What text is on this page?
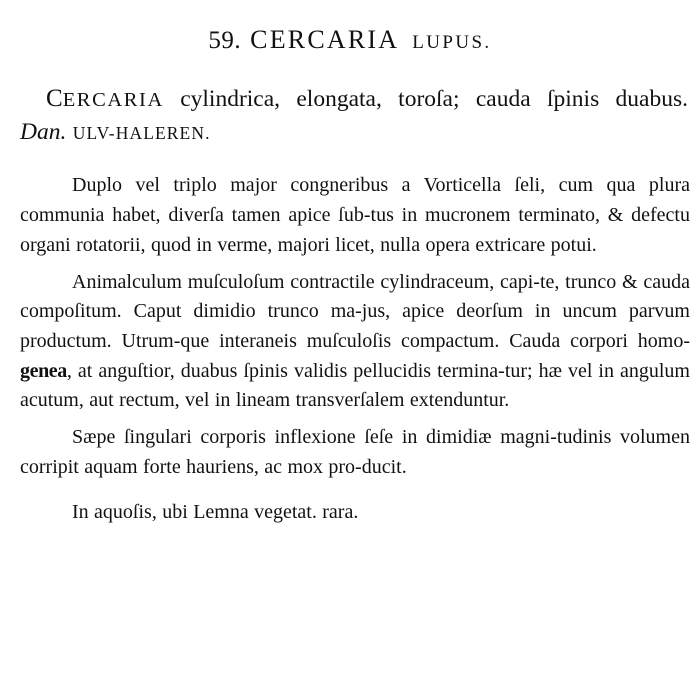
59. CERCARIA LUPUS.
CERCARIA cylindrica, elongata, toroſa; cauda ſpinis duabus. Dan. ULV-HALEREN.

Duplo vel triplo major congneribus a Vorticella ſeli, cum qua plura communia habet, diverſa tamen apice ſub-tus in mucronem terminato, & defectu organi rotatorii, quod in verme, majori licet, nulla opera extricare potui.

Animalculum muſculoſum contractile cylindraceum, capi-te, trunco & cauda compoſitum. Caput dimidio trunco ma-jus, apice deorſum in uncum parvum productum. Utrum-que interaneis muſculoſis compactum. Cauda corpori homo-genea, at anguſtior, duabus ſpinis validis pellucidis termina-tur; hæ vel in angulum acutum, aut rectum, vel in lineam transverſalem extenduntur.

Sæpe ſingulari corporis inflexione ſeſe in dimidiæ magni-tudinis volumen corripit aquam forte hauriens, ac mox pro-ducit.

In aquoſis, ubi Lemna vegetat. rara.
